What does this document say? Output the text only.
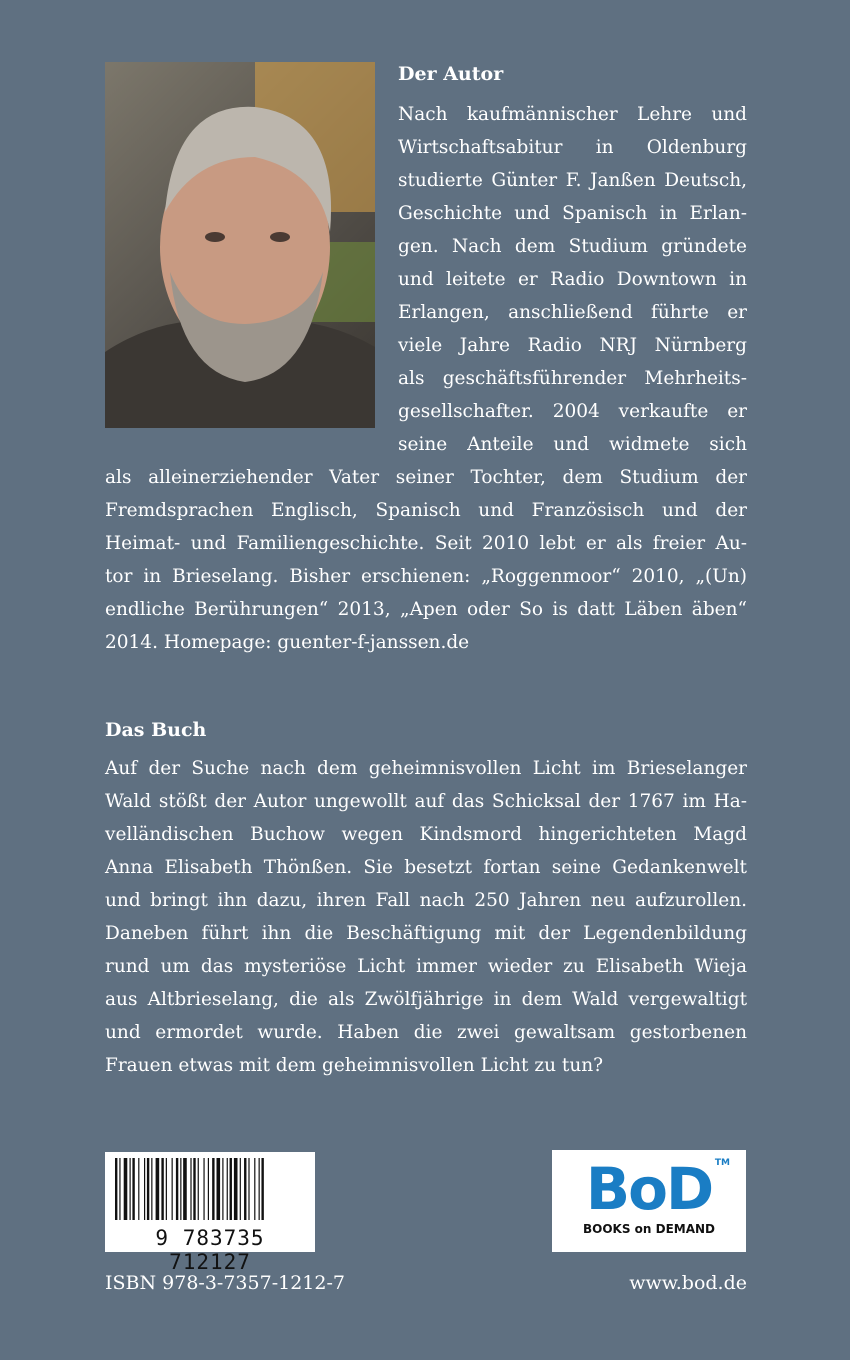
Der Autor
Nach kaufmännischer Lehre und
Wirtschaftsabitur in Oldenburg
studierte Günter F. Janßen Deutsch,
Geschichte und Spanisch in Erlan-
gen. Nach dem Studium gründete
und leitete er Radio Downtown in
Erlangen, anschließend führte er
viele Jahre Radio NRJ Nürnberg
als geschäftsführender Mehrheits-
gesellschafter. 2004 verkaufte er
seine Anteile und widmete sich
als alleinerziehender Vater seiner Tochter, dem Studium der
Fremdsprachen Englisch, Spanisch und Französisch und der
Heimat- und Familiengeschichte. Seit 2010 lebt er als freier Au-
tor in Brieselang. Bisher erschienen: „Roggenmoor“ 2010, „(Un)
endliche Berührungen“ 2013, „Apen oder So is datt Läben äben“
2014. Homepage: guenter-f-janssen.de
Das Buch
Auf der Suche nach dem geheimnisvollen Licht im Brieselanger
Wald stößt der Autor ungewollt auf das Schicksal der 1767 im Ha-
velländischen Buchow wegen Kindsmord hingerichteten Magd
Anna Elisabeth Thönßen. Sie besetzt fortan seine Gedankenwelt
und bringt ihn dazu, ihren Fall nach 250 Jahren neu aufzurollen.
Daneben führt ihn die Beschäftigung mit der Legendenbildung
rund um das mysteriöse Licht immer wieder zu Elisabeth Wieja
aus Altbrieselang, die als Zwölfjährige in dem Wald vergewaltigt
und ermordet wurde. Haben die zwei gewaltsam gestorbenen
Frauen etwas mit dem geheimnisvollen Licht zu tun?
9 783735 712127
TM
BoD
BOOKS on DEMAND
ISBN 978-3-7357-1212-7	www.bod.de
